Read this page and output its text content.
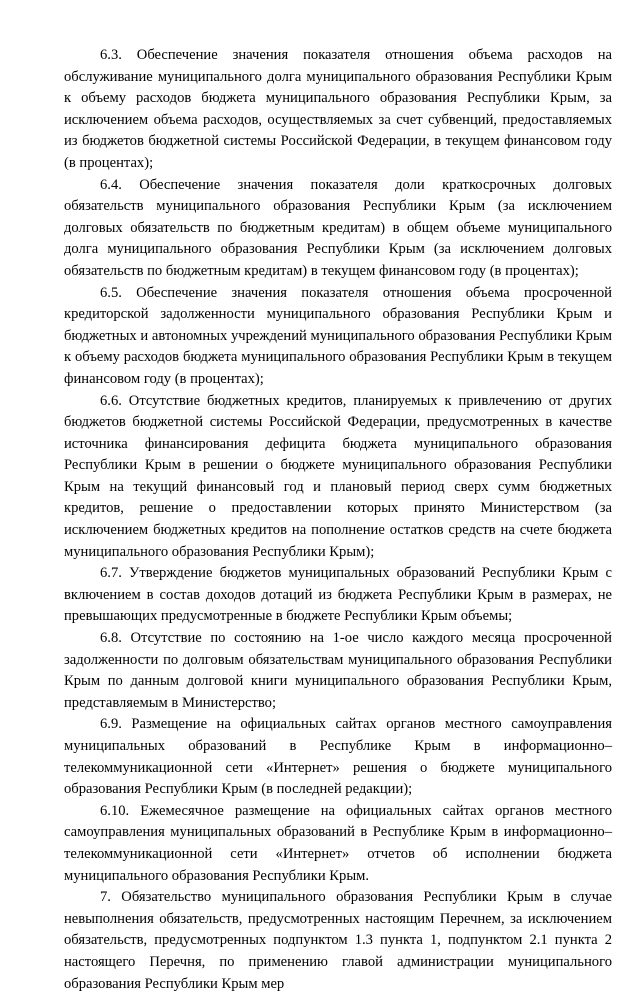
6.3. Обеспечение значения показателя отношения объема расходов на обслуживание муниципального долга муниципального образования Республики Крым к объему расходов бюджета муниципального образования Республики Крым, за исключением объема расходов, осуществляемых за счет субвенций, предоставляемых из бюджетов бюджетной системы Российской Федерации, в текущем финансовом году (в процентах);

6.4. Обеспечение значения показателя доли краткосрочных долговых обязательств муниципального образования Республики Крым (за исключением долговых обязательств по бюджетным кредитам) в общем объеме муниципального долга муниципального образования Республики Крым (за исключением долговых обязательств по бюджетным кредитам) в текущем финансовом году (в процентах);

6.5. Обеспечение значения показателя отношения объема просроченной кредиторской задолженности муниципального образования Республики Крым и бюджетных и автономных учреждений муниципального образования Республики Крым к объему расходов бюджета муниципального образования Республики Крым в текущем финансовом году (в процентах);

6.6. Отсутствие бюджетных кредитов, планируемых к привлечению от других бюджетов бюджетной системы Российской Федерации, предусмотренных в качестве источника финансирования дефицита бюджета муниципального образования Республики Крым в решении о бюджете муниципального образования Республики Крым на текущий финансовый год и плановый период сверх сумм бюджетных кредитов, решение о предоставлении которых принято Министерством (за исключением бюджетных кредитов на пополнение остатков средств на счете бюджета муниципального образования Республики Крым);

6.7. Утверждение бюджетов муниципальных образований Республики Крым с включением в состав доходов дотаций из бюджета Республики Крым в размерах, не превышающих предусмотренные в бюджете Республики Крым объемы;

6.8. Отсутствие по состоянию на 1-ое число каждого месяца просроченной задолженности по долговым обязательствам муниципального образования Республики Крым по данным долговой книги муниципального образования Республики Крым, представляемым в Министерство;

6.9. Размещение на официальных сайтах органов местного самоуправления муниципальных образований в Республике Крым в информационно–телекоммуникационной сети «Интернет» решения о бюджете муниципального образования Республики Крым (в последней редакции);

6.10. Ежемесячное размещение на официальных сайтах органов местного самоуправления муниципальных образований в Республике Крым в информационно–телекоммуникационной сети «Интернет» отчетов об исполнении бюджета муниципального образования Республики Крым.

7. Обязательство муниципального образования Республики Крым в случае невыполнения обязательств, предусмотренных настоящим Перечнем, за исключением обязательств, предусмотренных подпунктом 1.3 пункта 1, подпунктом 2.1 пункта 2 настоящего Перечня, по применению главой администрации муниципального образования Республики Крым мер
